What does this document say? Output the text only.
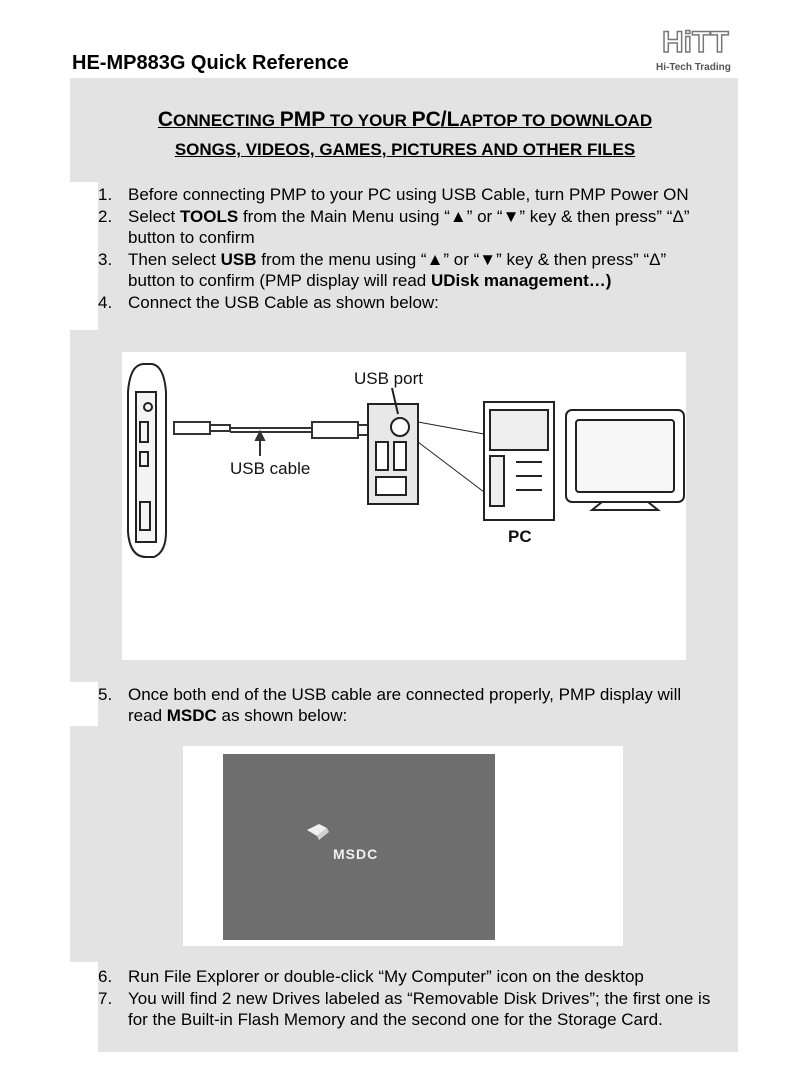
HE-MP883G Quick Reference
HiTT
Hi-Tech Trading
CONNECTING PMP TO YOUR PC/LAPTOP TO DOWNLOAD
SONGS, VIDEOS, GAMES, PICTURES AND OTHER FILES
1. Before connecting PMP to your PC using USB Cable, turn PMP Power ON
2. Select TOOLS from the Main Menu using “▲” or “▼” key & then press” “Δ” button to confirm
3. Then select USB from the menu using “▲” or “▼” key & then press” “Δ” button to confirm (PMP display will read UDisk management…)
4. Connect the USB Cable as shown below:
USB port
USB cable
PC
5. Once both end of the USB cable are connected properly, PMP display will read MSDC as shown below:
MSDC
6. Run File Explorer or double-click “My Computer” icon on the desktop
7. You will find 2 new Drives labeled as “Removable Disk Drives”; the first one is for the Built-in Flash Memory and the second one for the Storage Card.
